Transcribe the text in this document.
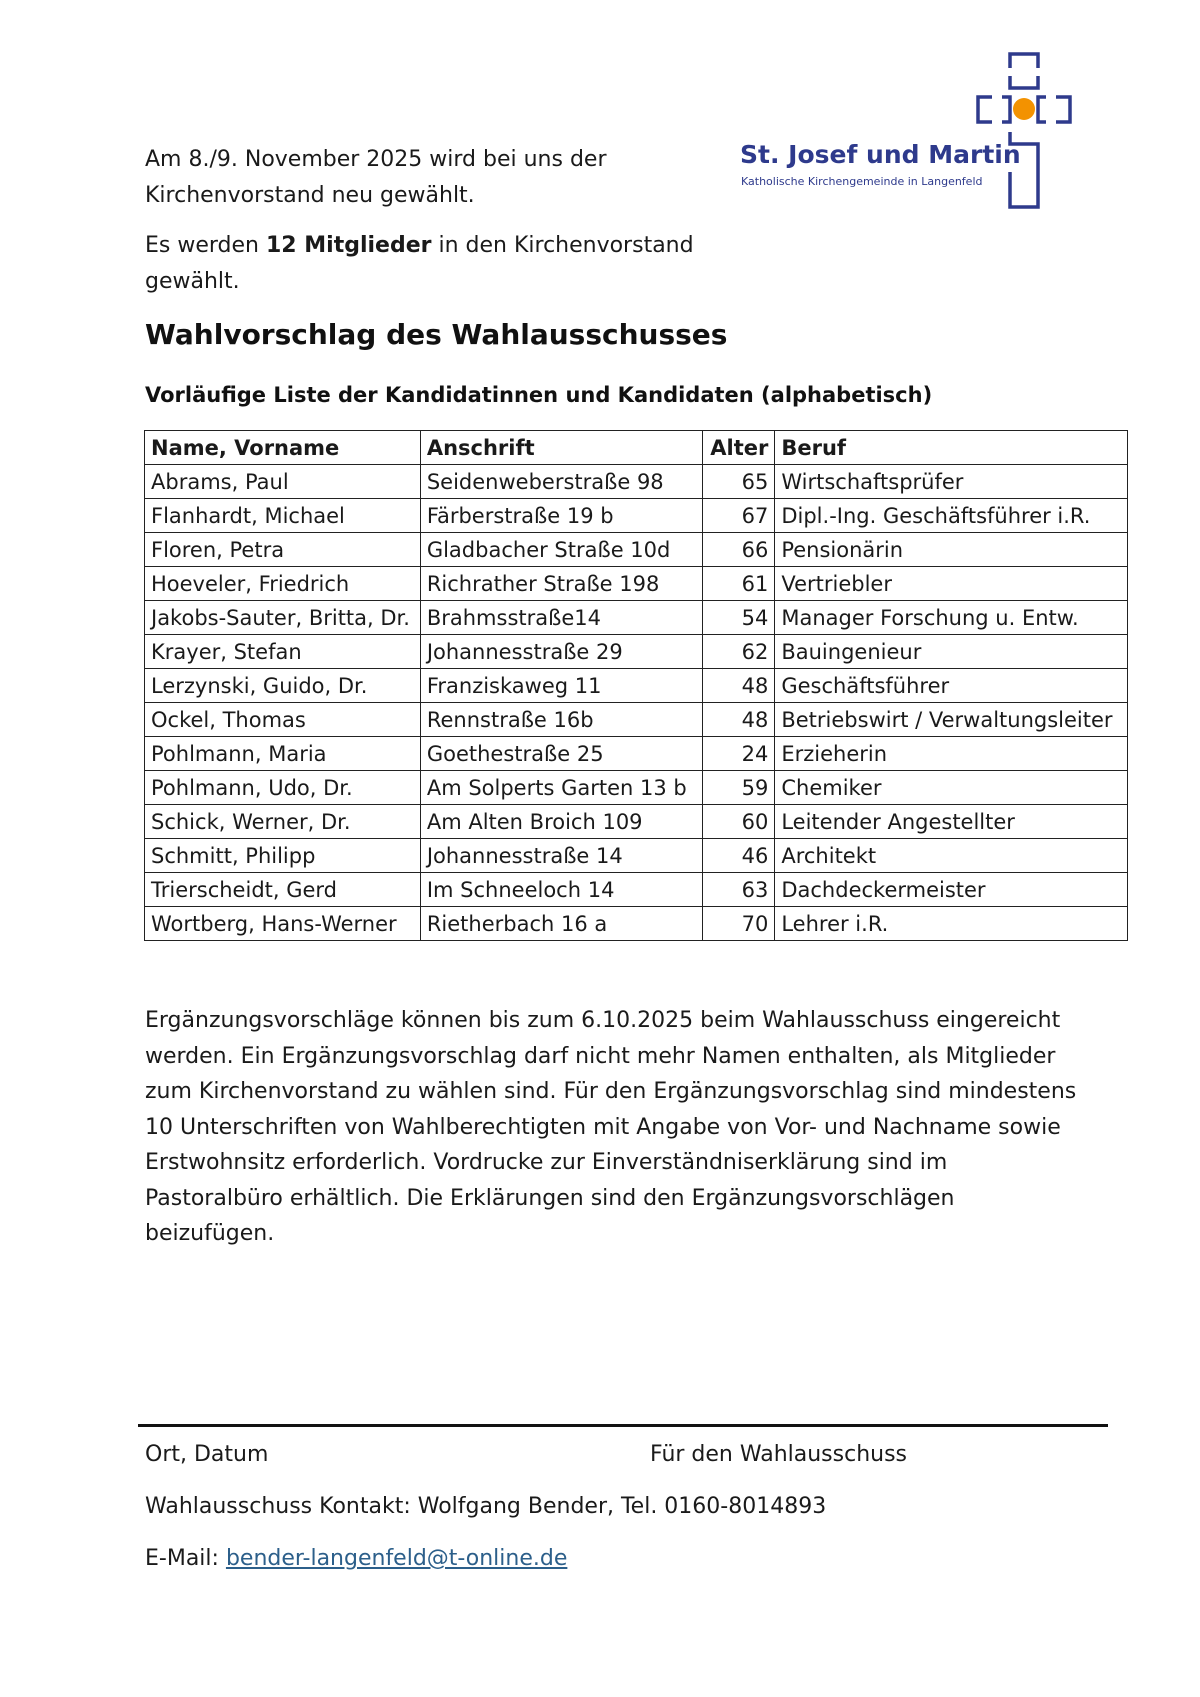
Am 8./9. November 2025 wird bei uns der Kirchenvorstand neu gewählt.

Es werden 12 Mitglieder in den Kirchenvorstand gewählt.

St. Josef und Martin
Katholische Kirchengemeinde in Langenfeld
Wahlvorschlag des Wahlausschusses
Vorläufige Liste der Kandidatinnen und Kandidaten (alphabetisch)
Name, Vorname	Anschrift	Alter	Beruf
Abrams, Paul	Seidenweberstraße 98	65	Wirtschaftsprüfer
Flanhardt, Michael	Färberstraße 19 b	67	Dipl.-Ing. Geschäftsführer i.R.
Floren, Petra	Gladbacher Straße 10d	66	Pensionärin
Hoeveler, Friedrich	Richrather Straße 198	61	Vertriebler
Jakobs-Sauter, Britta, Dr.	Brahmsstraße14	54	Manager Forschung u. Entw.
Krayer, Stefan	Johannesstraße 29	62	Bauingenieur
Lerzynski, Guido, Dr.	Franziskaweg 11	48	Geschäftsführer
Ockel, Thomas	Rennstraße 16b	48	Betriebswirt / Verwaltungsleiter
Pohlmann, Maria	Goethestraße 25	24	Erzieherin
Pohlmann, Udo, Dr.	Am Solperts Garten 13 b	59	Chemiker
Schick, Werner, Dr.	Am Alten Broich 109	60	Leitender Angestellter
Schmitt, Philipp	Johannesstraße 14	46	Architekt
Trierscheidt, Gerd	Im Schneeloch 14	63	Dachdeckermeister
Wortberg, Hans-Werner	Rietherbach 16 a	70	Lehrer i.R.

Ergänzungsvorschläge können bis zum 6.10.2025 beim Wahlausschuss eingereicht werden. Ein Ergänzungsvorschlag darf nicht mehr Namen enthalten, als Mitglieder zum Kirchenvorstand zu wählen sind. Für den Ergänzungsvorschlag sind mindestens 10 Unterschriften von Wahlberechtigten mit Angabe von Vor- und Nachname sowie Erstwohnsitz erforderlich. Vordrucke zur Einverständniserklärung sind im Pastoralbüro erhältlich. Die Erklärungen sind den Ergänzungsvorschlägen beizufügen.

Ort, Datum	Für den Wahlausschuss

Wahlausschuss Kontakt: Wolfgang Bender, Tel. 0160-8014893

E-Mail: bender-langenfeld@t-online.de
